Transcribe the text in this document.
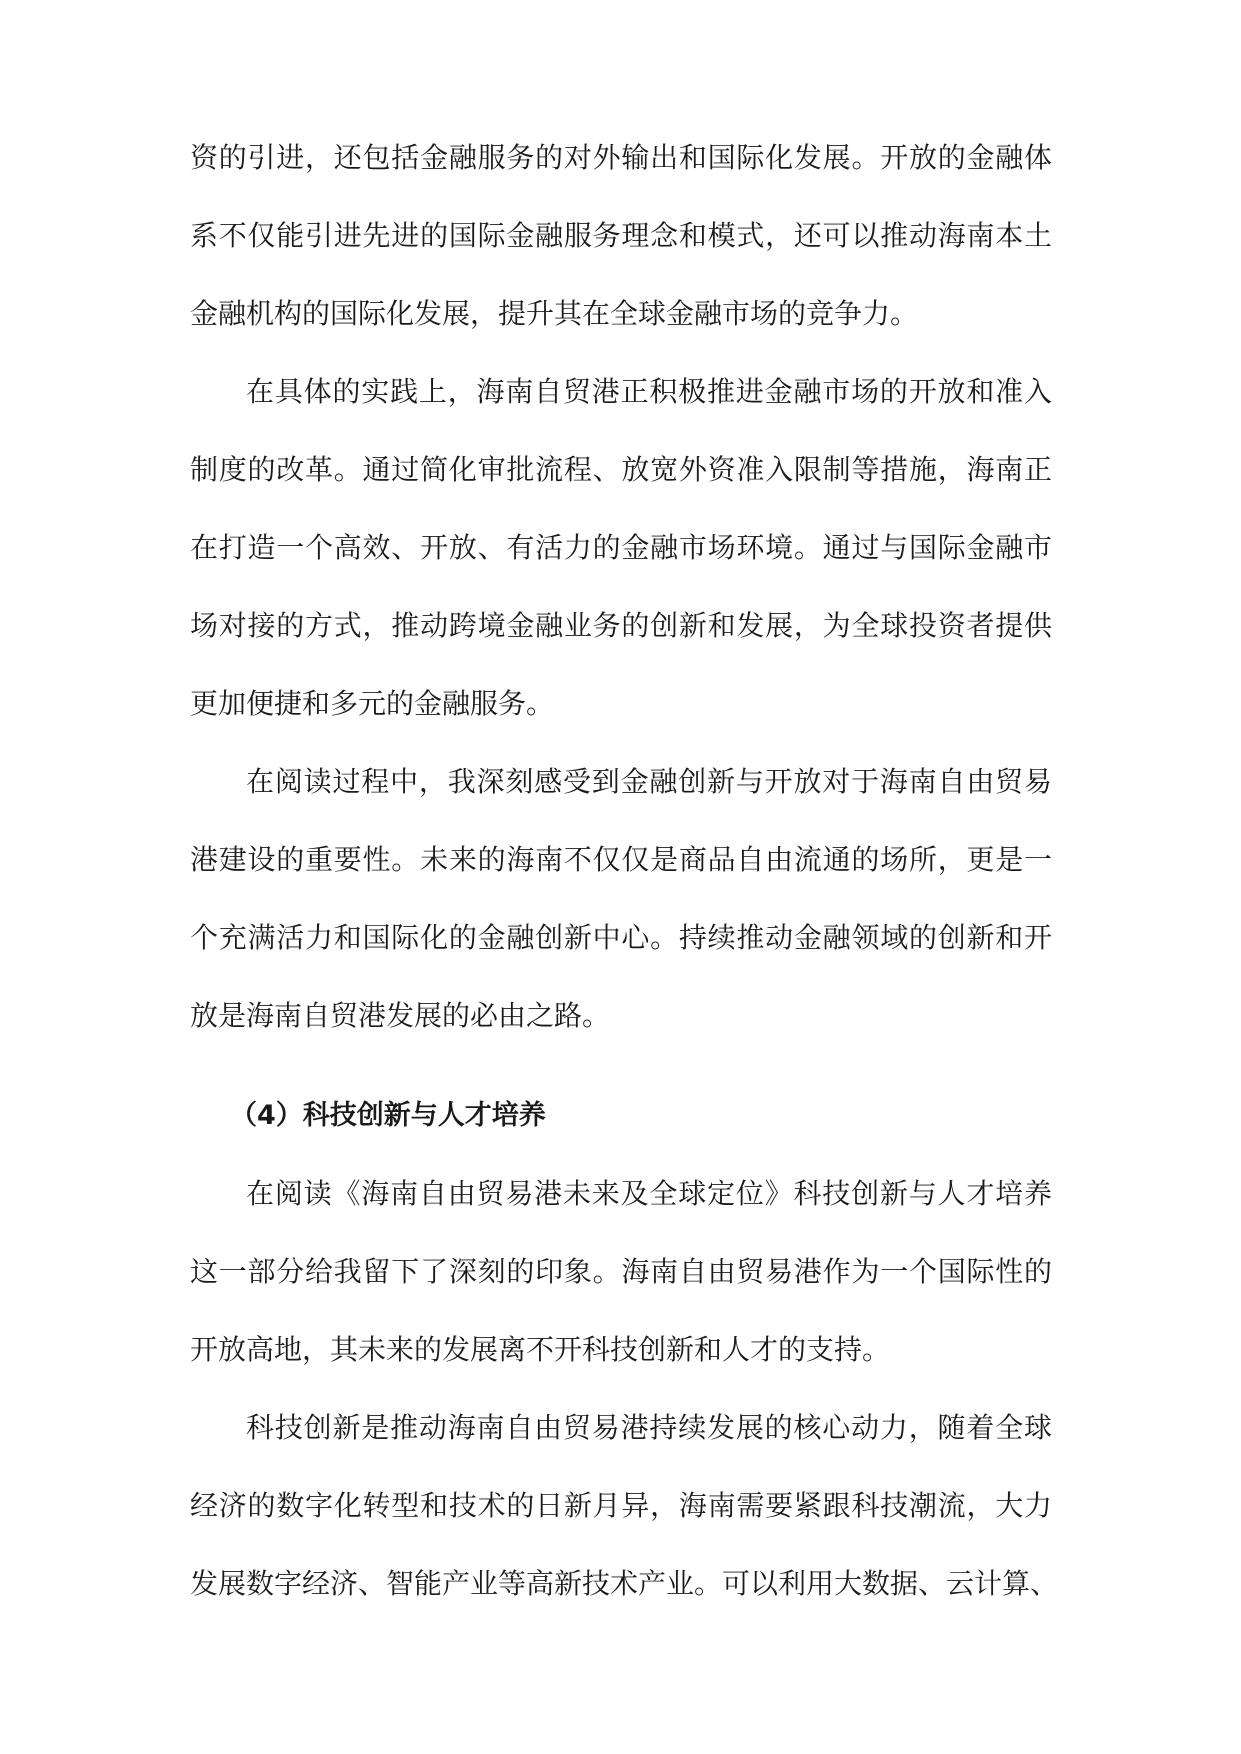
资的引进，还包括金融服务的对外输出和国际化发展。开放的金融体
系不仅能引进先进的国际金融服务理念和模式，还可以推动海南本土
金融机构的国际化发展，提升其在全球金融市场的竞争力。
在具体的实践上，海南自贸港正积极推进金融市场的开放和准入
制度的改革。通过简化审批流程、放宽外资准入限制等措施，海南正
在打造一个高效、开放、有活力的金融市场环境。通过与国际金融市
场对接的方式，推动跨境金融业务的创新和发展，为全球投资者提供
更加便捷和多元的金融服务。
在阅读过程中，我深刻感受到金融创新与开放对于海南自由贸易
港建设的重要性。未来的海南不仅仅是商品自由流通的场所，更是一
个充满活力和国际化的金融创新中心。持续推动金融领域的创新和开
放是海南自贸港发展的必由之路。
（4）科技创新与人才培养
在阅读《海南自由贸易港未来及全球定位》科技创新与人才培养
这一部分给我留下了深刻的印象。海南自由贸易港作为一个国际性的
开放高地，其未来的发展离不开科技创新和人才的支持。
科技创新是推动海南自由贸易港持续发展的核心动力，随着全球
经济的数字化转型和技术的日新月异，海南需要紧跟科技潮流，大力
发展数字经济、智能产业等高新技术产业。可以利用大数据、云计算、
